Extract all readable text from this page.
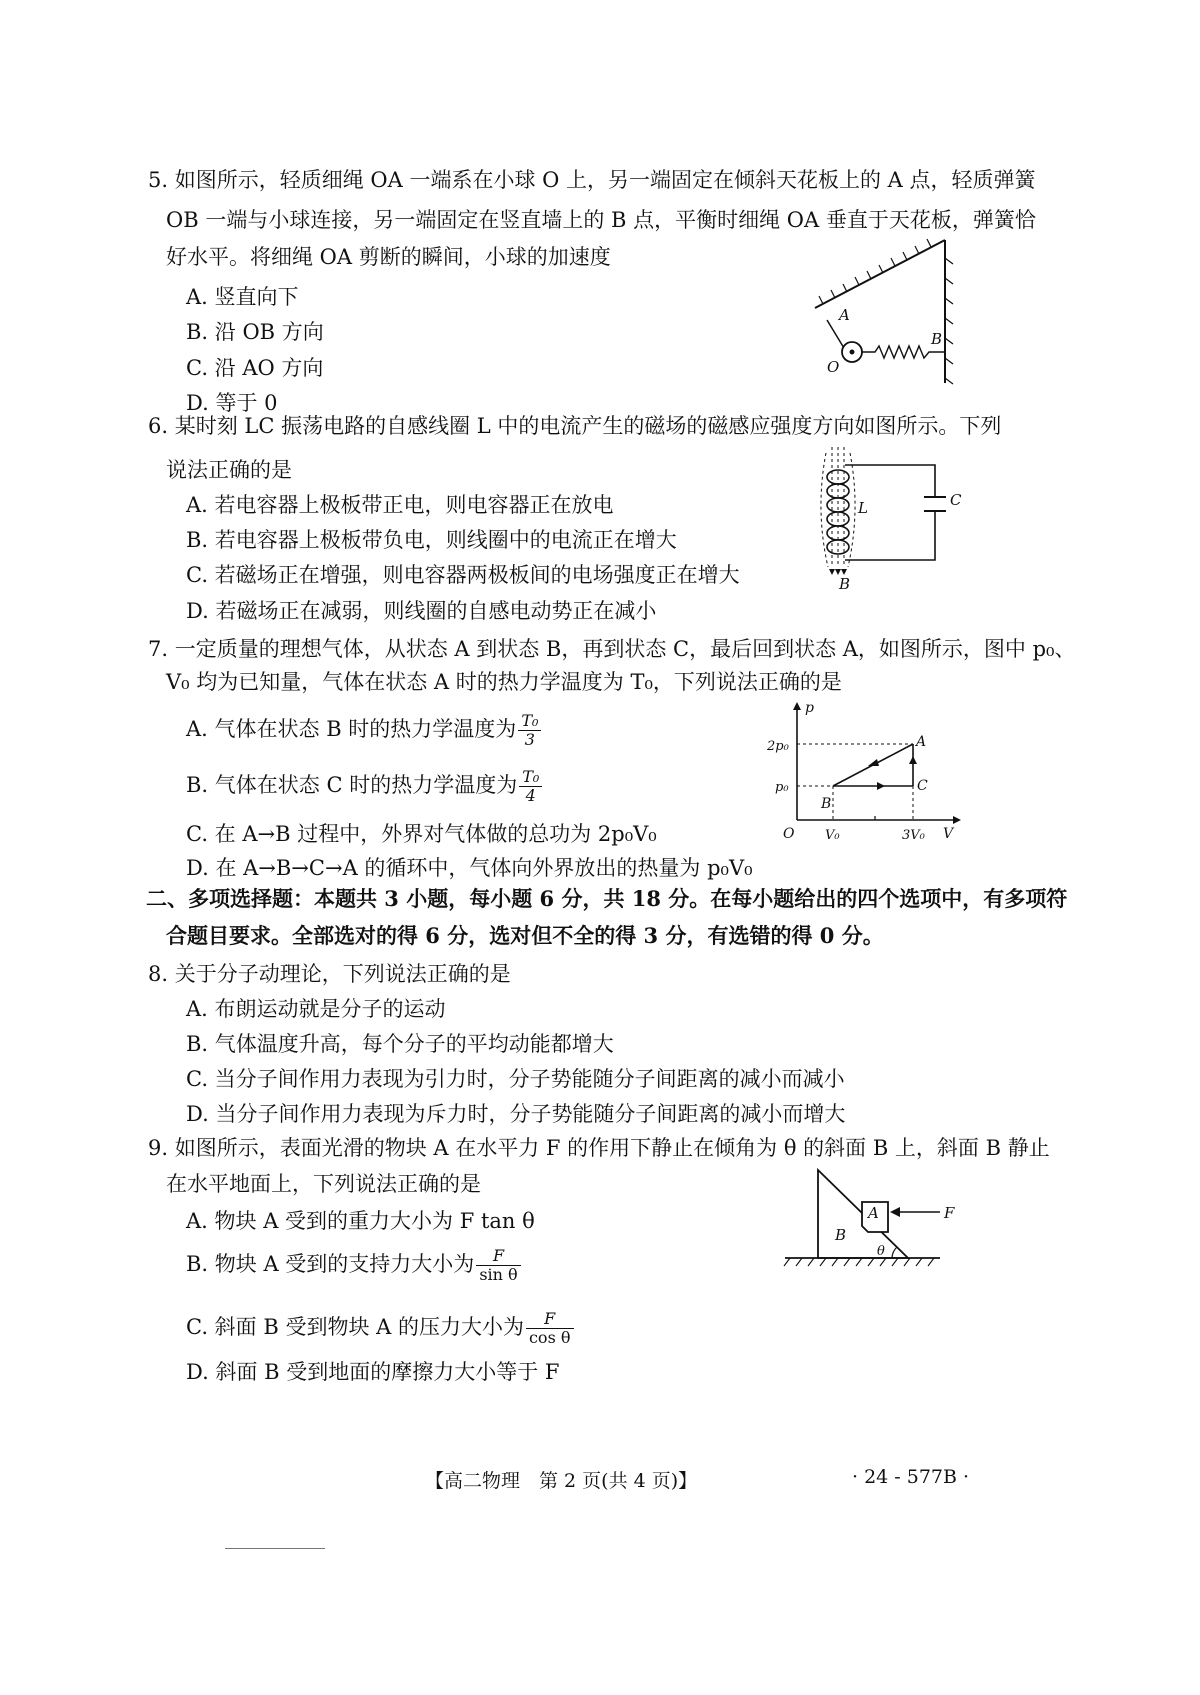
5. 如图所示，轻质细绳 OA 一端系在小球 O 上，另一端固定在倾斜天花板上的 A 点，轻质弹簧
OB 一端与小球连接，另一端固定在竖直墙上的 B 点，平衡时细绳 OA 垂直于天花板，弹簧恰
好水平。将细绳 OA 剪断的瞬间，小球的加速度
A. 竖直向下
B. 沿 OB 方向
C. 沿 AO 方向
D. 等于 0
A
B
O
6. 某时刻 LC 振荡电路的自感线圈 L 中的电流产生的磁场的磁感应强度方向如图所示。下列
说法正确的是
A. 若电容器上极板带正电，则电容器正在放电
B. 若电容器上极板带负电，则线圈中的电流正在增大
C. 若磁场正在增强，则电容器两极板间的电场强度正在增大
D. 若磁场正在减弱，则线圈的自感电动势正在减小
L	C
B
7. 一定质量的理想气体，从状态 A 到状态 B，再到状态 C，最后回到状态 A，如图所示，图中 p₀、
V₀ 均为已知量，气体在状态 A 时的热力学温度为 T₀，下列说法正确的是
A. 气体在状态 B 时的热力学温度为 $\frac{\text{T₀}}{3}$
B. 气体在状态 C 时的热力学温度为 $\frac{\text{T₀}}{4}$
C. 在 A→B 过程中，外界对气体做的总功为 2p₀V₀
D. 在 A→B→C→A 的循环中，气体向外界放出的热量为 p₀V₀
p
V
O
2p₀
p₀
V₀	3V₀
A
B
C
二、多项选择题：本题共 3 小题，每小题 6 分，共 18 分。在每小题给出的四个选项中，有多项符
合题目要求。全部选对的得 6 分，选对但不全的得 3 分，有选错的得 0 分。
8. 关于分子动理论，下列说法正确的是
A. 布朗运动就是分子的运动
B. 气体温度升高，每个分子的平均动能都增大
C. 当分子间作用力表现为引力时，分子势能随分子间距离的减小而减小
D. 当分子间作用力表现为斥力时，分子势能随分子间距离的减小而增大
9. 如图所示，表面光滑的物块 A 在水平力 F 的作用下静止在倾角为 θ 的斜面 B 上，斜面 B 静止
在水平地面上，下列说法正确的是
A. 物块 A 受到的重力大小为 F tan θ
B. 物块 A 受到的支持力大小为 $\frac{F}{\text{sin θ}}$
C. 斜面 B 受到物块 A 的压力大小为 $\frac{F}{\text{cos θ}}$
D. 斜面 B 受到地面的摩擦力大小等于 F
A
B
F
θ
【高二物理　第 2 页(共 4 页)】	· 24 - 577B ·
